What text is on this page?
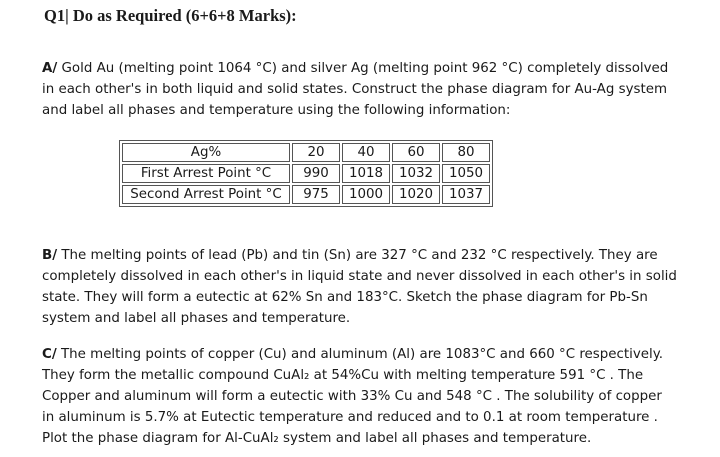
Q1| Do as Required (6+6+8 Marks):
A/ Gold Au (melting point 1064 °C) and silver Ag (melting point 962 °C) completely dissolved
in each other's in both liquid and solid states. Construct the phase diagram for Au-Ag system
and label all phases and temperature using the following information:
Ag%	20	40	60	80
First Arrest Point °C	990	1018	1032	1050
Second Arrest Point °C	975	1000	1020	1037
B/ The melting points of lead (Pb) and tin (Sn) are 327 °C and 232 °C respectively. They are
completely dissolved in each other's in liquid state and never dissolved in each other's in solid
state. They will form a eutectic at 62% Sn and 183°C. Sketch the phase diagram for Pb-Sn
system and label all phases and temperature.
C/ The melting points of copper (Cu) and aluminum (Al) are 1083°C and 660 °C respectively.
They form the metallic compound CuAl₂ at 54%Cu with melting temperature 591 °C . The
Copper and aluminum will form a eutectic with 33% Cu and 548 °C . The solubility of copper
in aluminum is 5.7% at Eutectic temperature and reduced and to 0.1 at room temperature .
Plot the phase diagram for Al-CuAl₂ system and label all phases and temperature.
